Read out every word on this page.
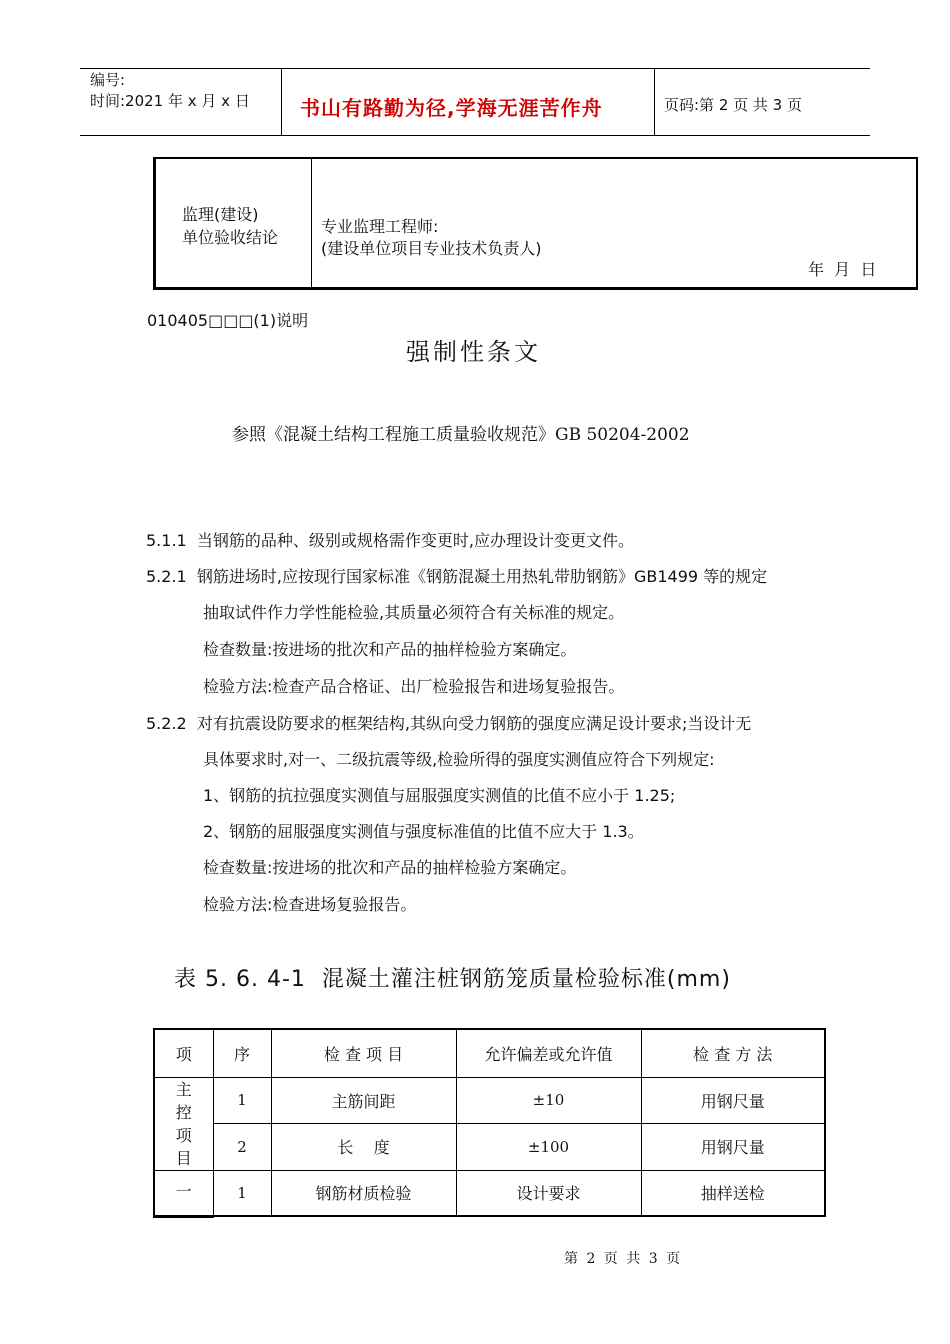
编号:
时间:2021 年 x 月 x 日	书山有路勤为径,学海无涯苦作舟	页码:第 2 页 共 3 页
监理(建设)
单位验收结论
专业监理工程师:
(建设单位项目专业技术负责人)
年  月  日
010405□□□(1)说明
强制性条文
参照《混凝土结构工程施工质量验收规范》GB 50204-2002
5.1.1  当钢筋的品种、级别或规格需作变更时,应办理设计变更文件。
5.2.1  钢筋进场时,应按现行国家标准《钢筋混凝土用热轧带肋钢筋》GB1499 等的规定
抽取试件作力学性能检验,其质量必须符合有关标准的规定。
检查数量:按进场的批次和产品的抽样检验方案确定。
检验方法:检查产品合格证、出厂检验报告和进场复验报告。
5.2.2  对有抗震设防要求的框架结构,其纵向受力钢筋的强度应满足设计要求;当设计无
具体要求时,对一、二级抗震等级,检验所得的强度实测值应符合下列规定:
1、钢筋的抗拉强度实测值与屈服强度实测值的比值不应小于 1.25;
2、钢筋的屈服强度实测值与强度标准值的比值不应大于 1.3。
检查数量:按进场的批次和产品的抽样检验方案确定。
检验方法:检查进场复验报告。
表 5. 6. 4-1  混凝土灌注桩钢筋笼质量检验标准(mm)
项	序	检 查 项 目	允许偏差或允许值	检 查 方 法

主
控
项
目	1	主筋间距	±10	用钢尺量
	2	长    度	±100	用钢尺量
一	1	钢筋材质检验	设计要求	抽样送检
第 2 页 共 3 页
